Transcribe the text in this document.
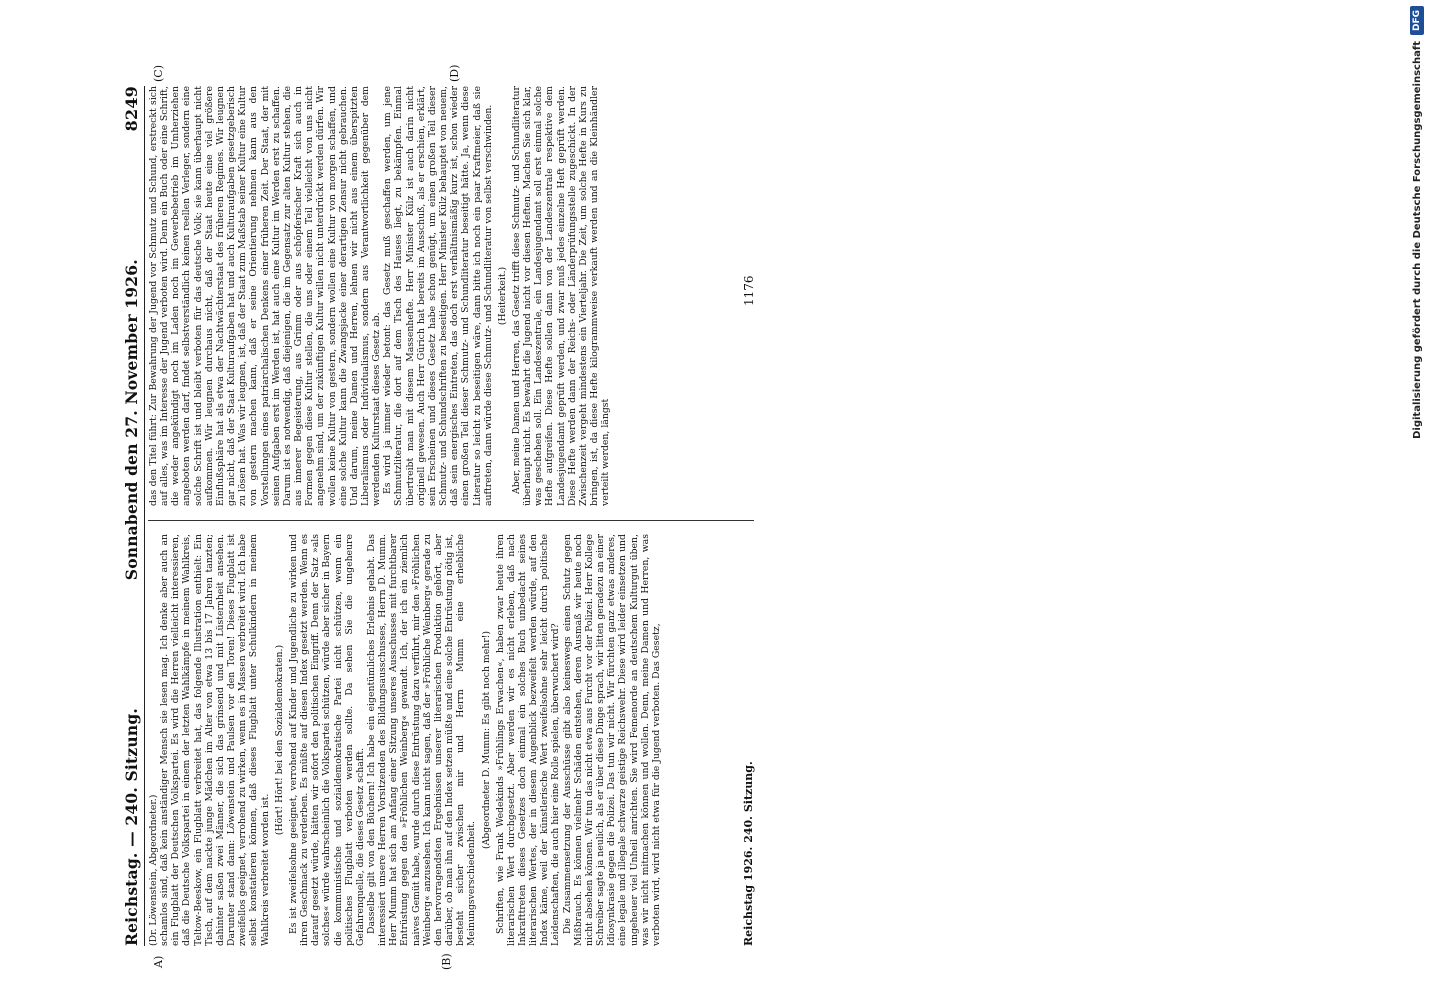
Reichstag. — 240. Sitzung.
Sonnabend den 27. November 1926.
8249

(Dr. Löwenstein, Abgeordneter.) schamlos sind, daß kein anständiger Mensch sie lesen mag. Ich denke aber auch an ein Flugblatt der Deutschen Volkspartei. Es wird die Herren vielleicht interessieren, daß die Deutsche Volkspartei in einem der letzten Wahlkämpfe in meinem Wahlkreis, Teltow-Beeskow, ein Flugblatt verbreitet hat, das folgende Illustration enthielt: Ein Tisch, auf dem nackte junge Mädchen im Alter von etwa 13 bis 17 Jahren tanzten; dahinter saßen zwei Männer, die sich das grinsend und mit Lüsternheit ansehen. Darunter stand dann: Löwenstein und Paulsen vor den Toren! Dieses Flugblatt ist zweifellos geeignet, verrohend zu wirken, wenn es in Massen verbreitet wird. Ich habe selbst konstatieren können, daß dieses Flugblatt unter Schulkindern in meinem Wahlkreis verbreitet worden ist.

(Hört! Hört! bei den Sozialdemokraten.) Es ist zweifelsohne geeignet, verrohend auf Kinder und Jugendliche zu wirken und ihren Geschmack zu verderben. Es müßte auf diesen Index gesetzt werden. Wenn es darauf gesetzt würde, hätten wir sofort den politischen Eingriff. Denn der Satz »als solches« würde wahrscheinlich die Volkspartei schützen, würde aber sicher in Bayern die kommunistische und sozialdemokratische Partei nicht schützen, wenn ein politisches Flugblatt verboten werden sollte. Da sehen Sie die ungeheure Gefahrenquelle, die dieses Gesetz schafft. Dasselbe gilt von den Büchern! Ich habe ein eigentümliches Erlebnis gehabt. Das interessiert unsere Herren Vorsitzenden des Bildungsausschusses, Herrn D. Mumm. Herr Mumm hat sich am Anfang einer Sitzung unseres Ausschusses mit furchtbarer Entrüstung gegen den »Fröhlichen Weinberg« gewandt. Ich, der ich ein ziemlich naives Gemüt habe, wurde durch diese Entrüstung dazu verführt, mir den »Fröhlichen Weinberg« anzusehen. Ich kann nicht sagen, daß der »Fröhliche Weinberg« gerade zu den hervorragendsten Ergebnissen unserer literarischen Produktion gehört, aber darüber, ob man ihn auf den Index setzen müßte und eine solche Entrüstung nötig ist, besteht sicher zwischen mir und Herrn Mumm eine erhebliche Meinungsverschiedenheit.

(Abgeordneter D. Mumm: Es gibt noch mehr!) Schriften, wie Frank Wedekinds »Frühlings Erwachen«, haben zwar heute ihren literarischen Wert durchgesetzt. Aber werden wir es nicht erleben, daß nach Inkrafttreten dieses Gesetzes doch einmal ein solches Buch unbedacht seines literarischen Wertes, der in diesem Augenblick bezweifelt werden würde, auf den Index käme, weil der künstlerische Wert zweifelsohne sehr leicht durch politische Leidenschaften, die auch hier eine Rolle spielen, überwuchert wird? Die Zusammensetzung der Ausschüsse gibt also keineswegs einen Schutz gegen Mißbrauch. Es können vielmehr Schäden entstehen, deren Ausmaß wir heute noch nicht absehen können. Wir tun das nicht etwa aus Furcht vor der Polizei. Herr Kollege Schreiber sagte ja neulich, als er über diese Dinge sprach, wir litten geradezu an einer Idiosynkrasie gegen die Polizei. Das tun wir nicht. Wir fürchten ganz etwas anderes, eine legale und illegale schwarze geistige Reichswehr. Diese wird leider einsetzen und ungeheuer viel Unheil anrichten. Sie wird Femenorde an deutschem Kulturgut üben, was wir nicht mitmachen können und wollen. Denn, meine Damen und Herren, was verboten wird, wird nicht etwa für die Jugend verboten. Das Gesetz,

das den Titel führt: Zur Bewahrung der Jugend vor Schmutz und Schund, erstreckt sich auf alles, was im Interesse der Jugend verboten wird. Denn ein Buch oder eine Schrift, die weder angekündigt noch im Laden noch im Gewerbebetrieb im Umherziehen angeboten werden darf, findet selbstverständlich keinen reellen Verleger, sondern eine solche Schrift ist und bleibt verboten für das deutsche Volk; sie kann überhaupt nicht aufkommen. Wir leugnen durchaus nicht, daß der Staat heute eine viel größere Einflußsphäre hat als etwa der Nachtwächterstaat des früheren Regimes. Wir leugnen gar nicht, daß der Staat Kulturaufgaben hat und auch Kulturaufgaben gesetzgeberisch zu lösen hat. Was wir leugnen, ist, daß der Staat zum Maßstab seiner Kultur eine Kultur von gestern machen kann, daß er seine Orientierung nehmen kann aus den Vorstellungen eines patriarchalischen Denkens einer früheren Zeit. Der Staat, der mit seinen Aufgaben erst im Werden ist, hat auch eine Kultur im Werden erst zu schaffen. Darum ist es notwendig, daß diejenigen, die im Gegensatz zur alten Kultur stehen, die aus innerer Begeisterung, aus Grimm oder aus schöpferischer Kraft sich auch in Formen gegen diese Kultur stellen, die uns oder einem Teil vielleicht von uns nicht angenehm sind, um der zukünftigen Kultur willen nicht unterdrückt werden dürfen. Wir wollen keine Kultur von gestern, sondern wollen eine Kultur von morgen schaffen, und eine solche Kultur kann die Zwangsjacke einer derartigen Zensur nicht gebrauchen. Und darum, meine Damen und Herren, lehnen wir nicht aus einem überspitzten Liberalismus oder Individualismus, sondern aus Verantwortlichkeit gegenüber dem werdenden Kulturstaat dieses Gesetz ab. Es wird ja immer wieder betont: das Gesetz muß geschaffen werden, um jene Schmutzliteratur, die dort auf dem Tisch des Hauses liegt, zu bekämpfen. Einmal übertreibt man mit diesem Massenhefte. Herr Minister Külz ist auch darin nicht originell gewesen. Auch Herr Gürich hat bereits im Ausschuß, als er erschien, erklärt, sein Erscheinen und dieses Gesetz habe schon genügt, um einen großen Teil dieser Schmutz- und Schundschriften zu beseitigen. Herr Minister Külz behauptet von neuem, daß sein energisches Eintreten, das doch erst verhältnismäßig kurz ist, schon wieder einen großen Teil dieser Schmutz- und Schundliteratur beseitigt hätte. Ja, wenn diese Literatur so leicht zu beseitigen wäre, dann bitte ich noch ein paar Kraftmeier, daß sie auftreten, dann würde diese Schmutz- und Schundliteratur von selbst verschwinden. (Heiterkeit.) Aber, meine Damen und Herren, das Gesetz trifft diese Schmutz- und Schundliteratur überhaupt nicht. Es bewahrt die Jugend nicht vor diesen Heften. Machen Sie sich klar, was geschehen soll. Ein Landeszentrale, ein Landesjugendamt soll erst einmal solche Hefte aufgreifen. Diese Hefte sollen dann von der Landeszentrale respektive dem Landesjugendamt geprüft werden, und zwar muß jedes einzelne Heft geprüft werden. Diese Hefte werden dann der Reichs- oder Länderprüfungsstelle zugeschickt. In der Zwischenzeit vergeht mindestens ein Vierteljahr. Die Zeit, um solche Hefte in Kurs zu bringen, ist, da diese Hefte kilogrammweise verkauft werden und an die Kleinhändler verteilt werden, längst

A)	(B)
(C)	(D)
Reichstag 1926. 240. Sitzung.
1176	Digitalisierung gefördert durch die Deutsche Forschungsgemeinschaft
DFG
